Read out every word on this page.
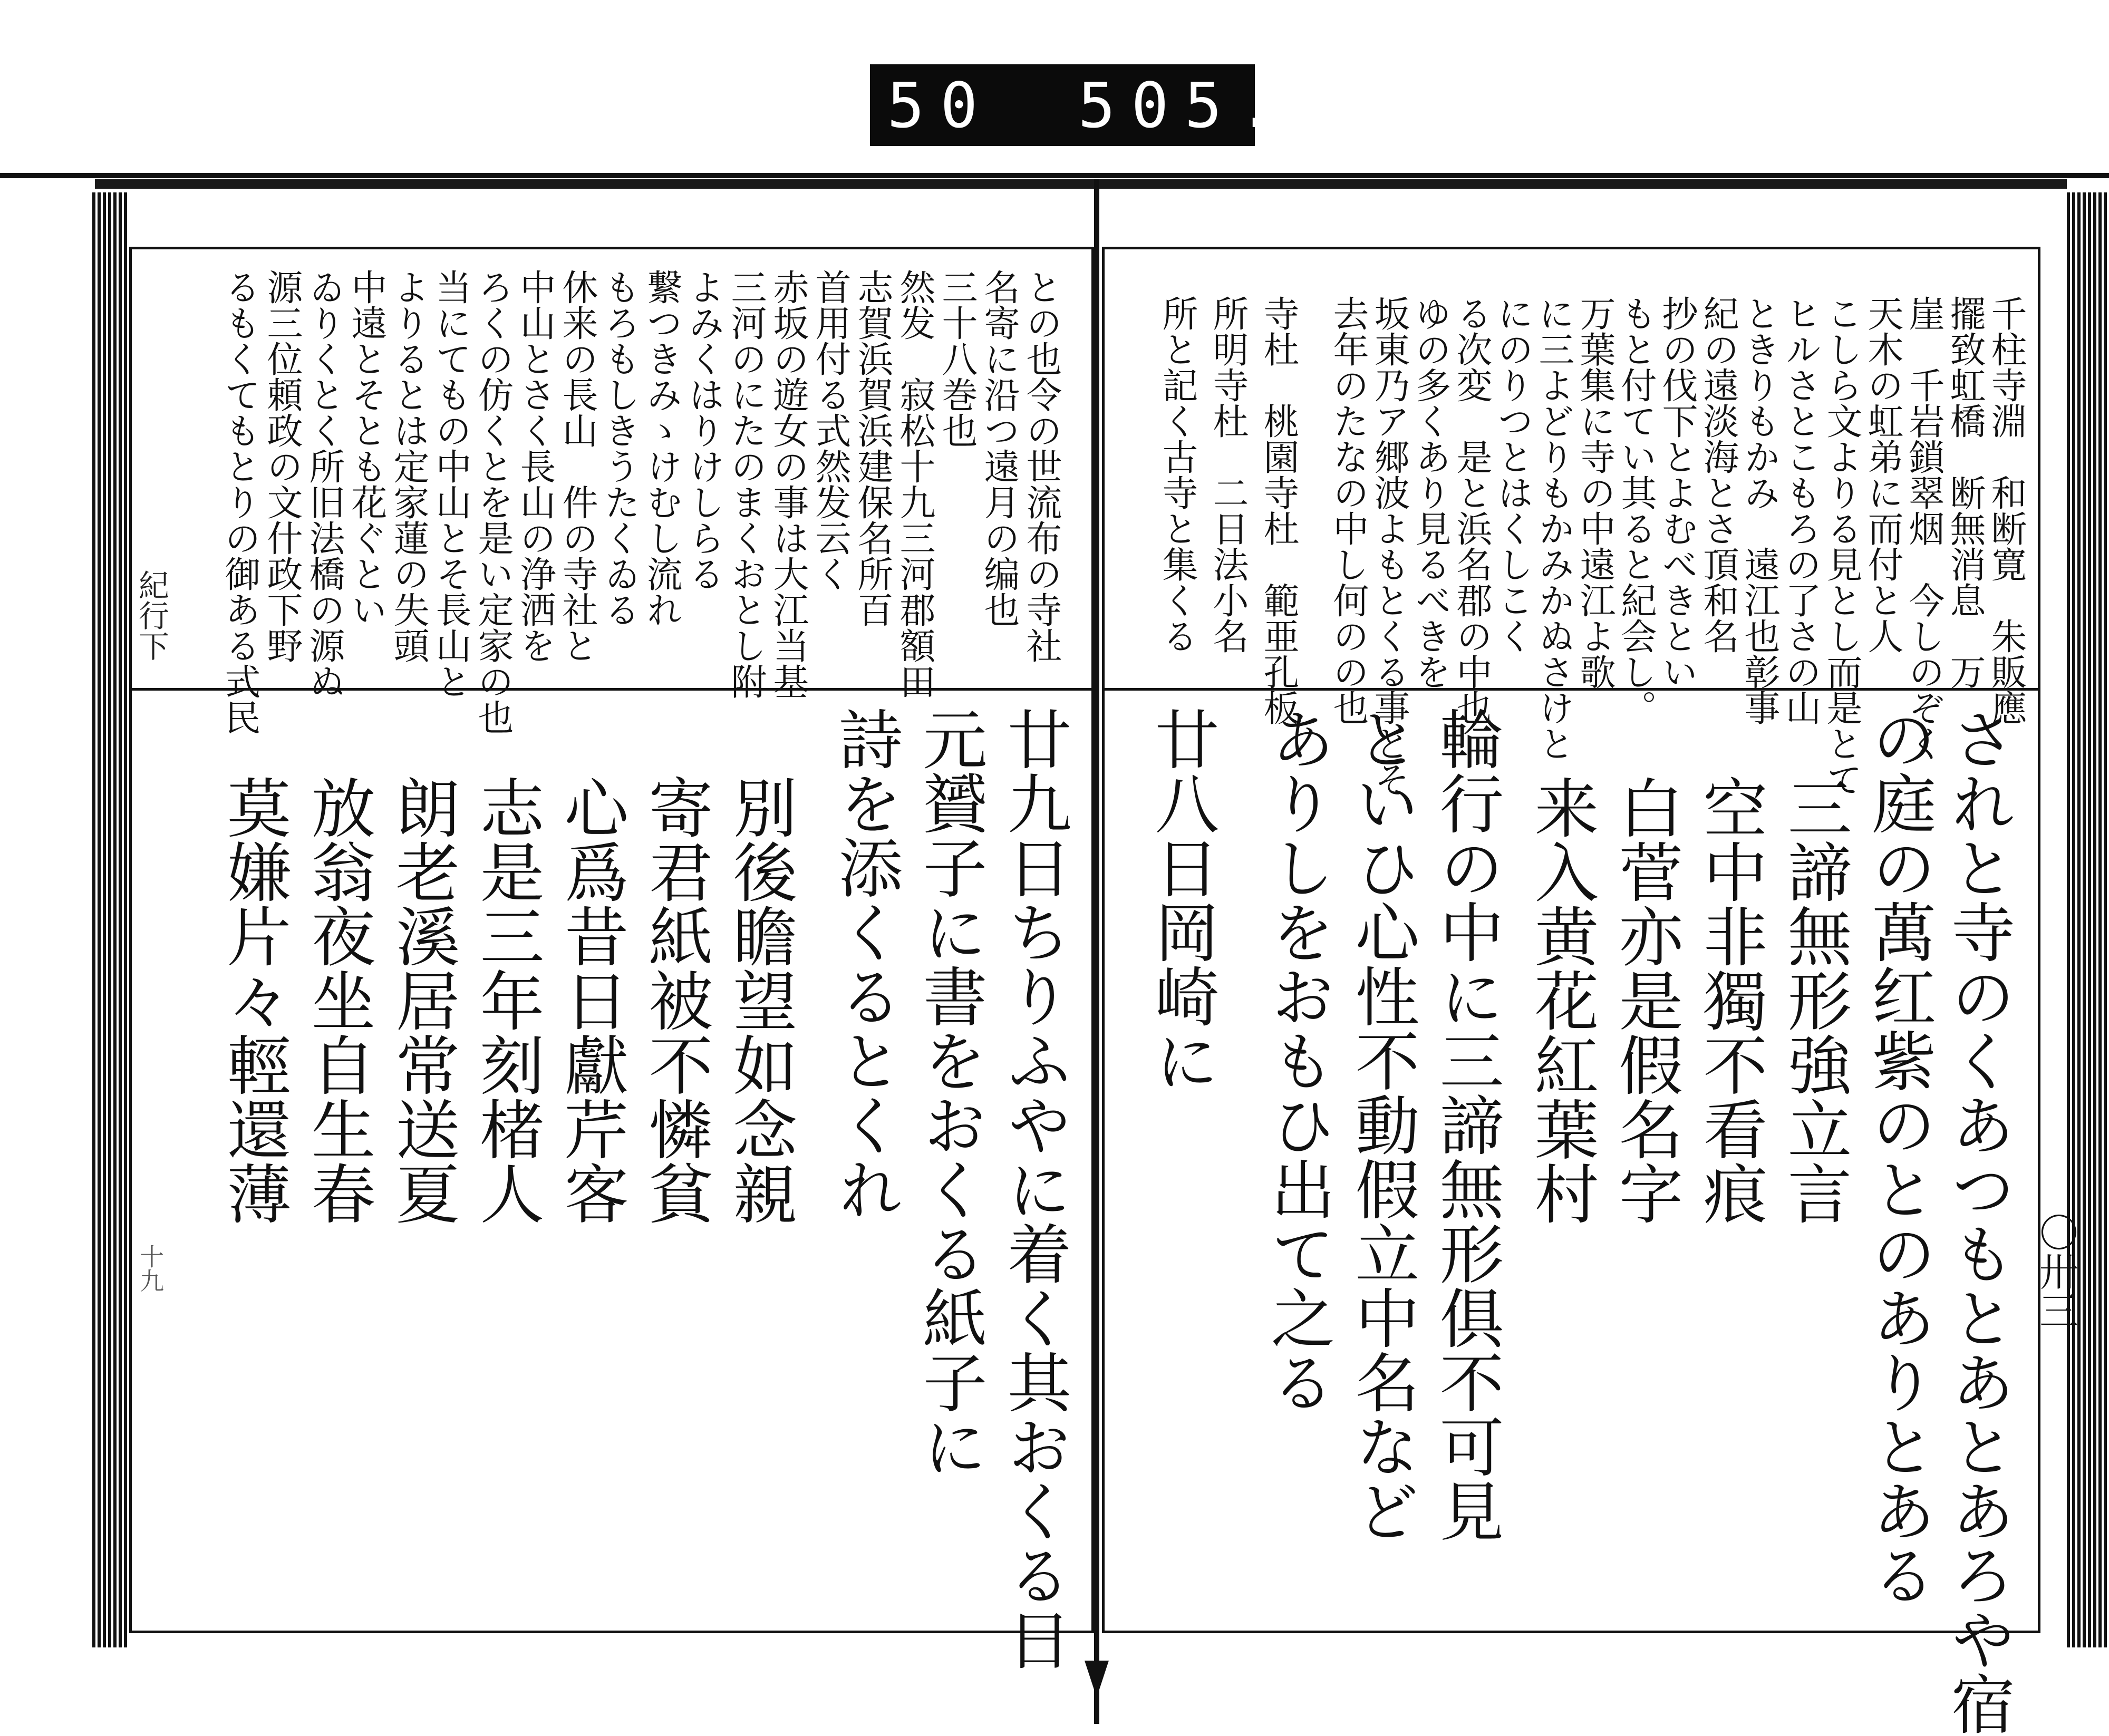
450 505.
紀行下
十九	〇卅三
千柱寺淵　和断寛　朱販應
擺致虹橋　断無消息　万
崖　千岩鎖翠烟　今しのぞく
天木の虹弟に而付と人
こしら文よりる見とし而是とて
ヒルさとこもろの了さの山
ときりもかみ　遠江也彰事
紀の遠淡海とさ頂和名
抄の伐下とよむべきとい
もと付てい其ると紀会し。
万葉集に寺の中遠江よ歌
に三よどりもかみかぬさけと
にのりつとはくしこく
る次変　是と浜名郡の中也
ゆの多くあり見るべきを
坂東乃ア郷波よもとくる事とそ
去年のたなの中し何のの也
寺杜　桃園寺杜　範亜孔板
所明寺杜　二日法小名
所と記く古寺と集くる
されと寺のくあつもとあとあろや宿
の庭の萬红紫のとのありとある
三諦無形強立言
空中非獨不看痕
白菅亦是假名字
来入黄花紅葉村
輪行の中に三諦無形俱不可見
といひ心性不動假立中名など
ありしをおもひ出て之る
廿八日岡崎に
との也令の世流布の寺社
名寄に沿つ遠月の编也
三十八巻也
然发　寂松十九三河郡額田
志賀浜賀浜建保名所百
首用付る式然发云く
赤坂の遊女の事は大江当基
三河のにたのまくおとし附
よみくはりけしらる
繋つきみゝけむし流れ
もろもしきうたくゐる
休来の長山　件の寺社と
中山とさく長山の浄洒を
ろくの仿くとを是い定家の也
当にてもの中山とそ長山と
よりるとは定家蓮の失頭
中遠とそとも花ぐとい
ゐりくとく所旧法橋の源ぬ
源三位頼政の文什政下野
るもくてもとりの御ある式民
廿九日ちりふやに着く其おくる日
元贇子に書をおくる紙子に
詩を添くるとくれ
別後瞻望如念親
寄君紙被不憐貧
心爲昔日獻芹客
志是三年刻楮人
朗老溪居常送夏
放翁夜坐自生春
莫嫌片々輕還薄
